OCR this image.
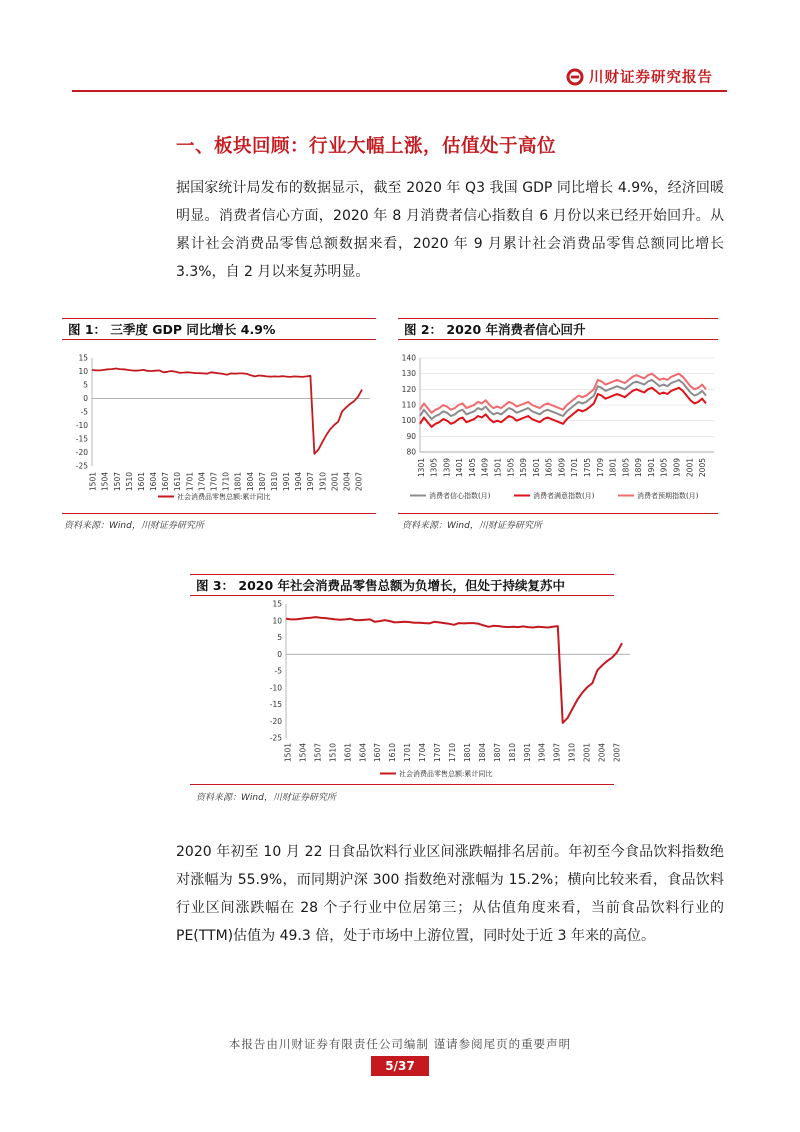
川财证券研究报告
一、板块回顾：行业大幅上涨，估值处于高位

据国家统计局发布的数据显示，截至 2020 年 Q3 我国 GDP 同比增长 4.9%，经济回暖明显。消费者信心方面，2020 年 8 月消费者信心指数自 6 月份以来已经开始回升。从累计社会消费品零售总额数据来看，2020 年 9 月累计社会消费品零售总额同比增长 3.3%，自 2 月以来复苏明显。

图 1： 三季度 GDP 同比增长 4.9%
15
10
5
0
-5
-10
-15
-20
-25
1501 1504 1507 1510 1601 1604 1607 1610 1701 1704 1707 1710 1801 1804 1807 1810 1901 1904 1907 1910 2001 2004 2007
社会消费品零售总额:累计同比
资料来源：Wind，川财证券研究所
图 2： 2020 年消费者信心回升
140
130
120
110
100
90
80
1301 1305 1309 1401 1405 1409 1501 1505 1509 1601 1605 1609 1701 1705 1709 1801 1805 1809 1901 1905 1909 2001 2005
消费者信心指数(月)	消费者满意指数(月)	消费者预期指数(月)
资料来源：Wind，川财证券研究所
图 3： 2020 年社会消费品零售总额为负增长，但处于持续复苏中
15
10
5
0
-5
-10
-15
-20
-25
1501 1504 1507 1510 1601 1604 1607 1610 1701 1704 1707 1710 1801 1804 1807 1810 1901 1904 1907 1910 2001 2004 2007
社会消费品零售总额:累计同比
资料来源：Wind，川财证券研究所

2020 年初至 10 月 22 日食品饮料行业区间涨跌幅排名居前。年初至今食品饮料指数绝对涨幅为 55.9%，而同期沪深 300 指数绝对涨幅为 15.2%；横向比较来看，食品饮料行业区间涨跌幅在 28 个子行业中位居第三；从估值角度来看，当前食品饮料行业的 PE(TTM)估值为 49.3 倍，处于市场中上游位置，同时处于近 3 年来的高位。

本报告由川财证券有限责任公司编制 谨请参阅尾页的重要声明
5/37
